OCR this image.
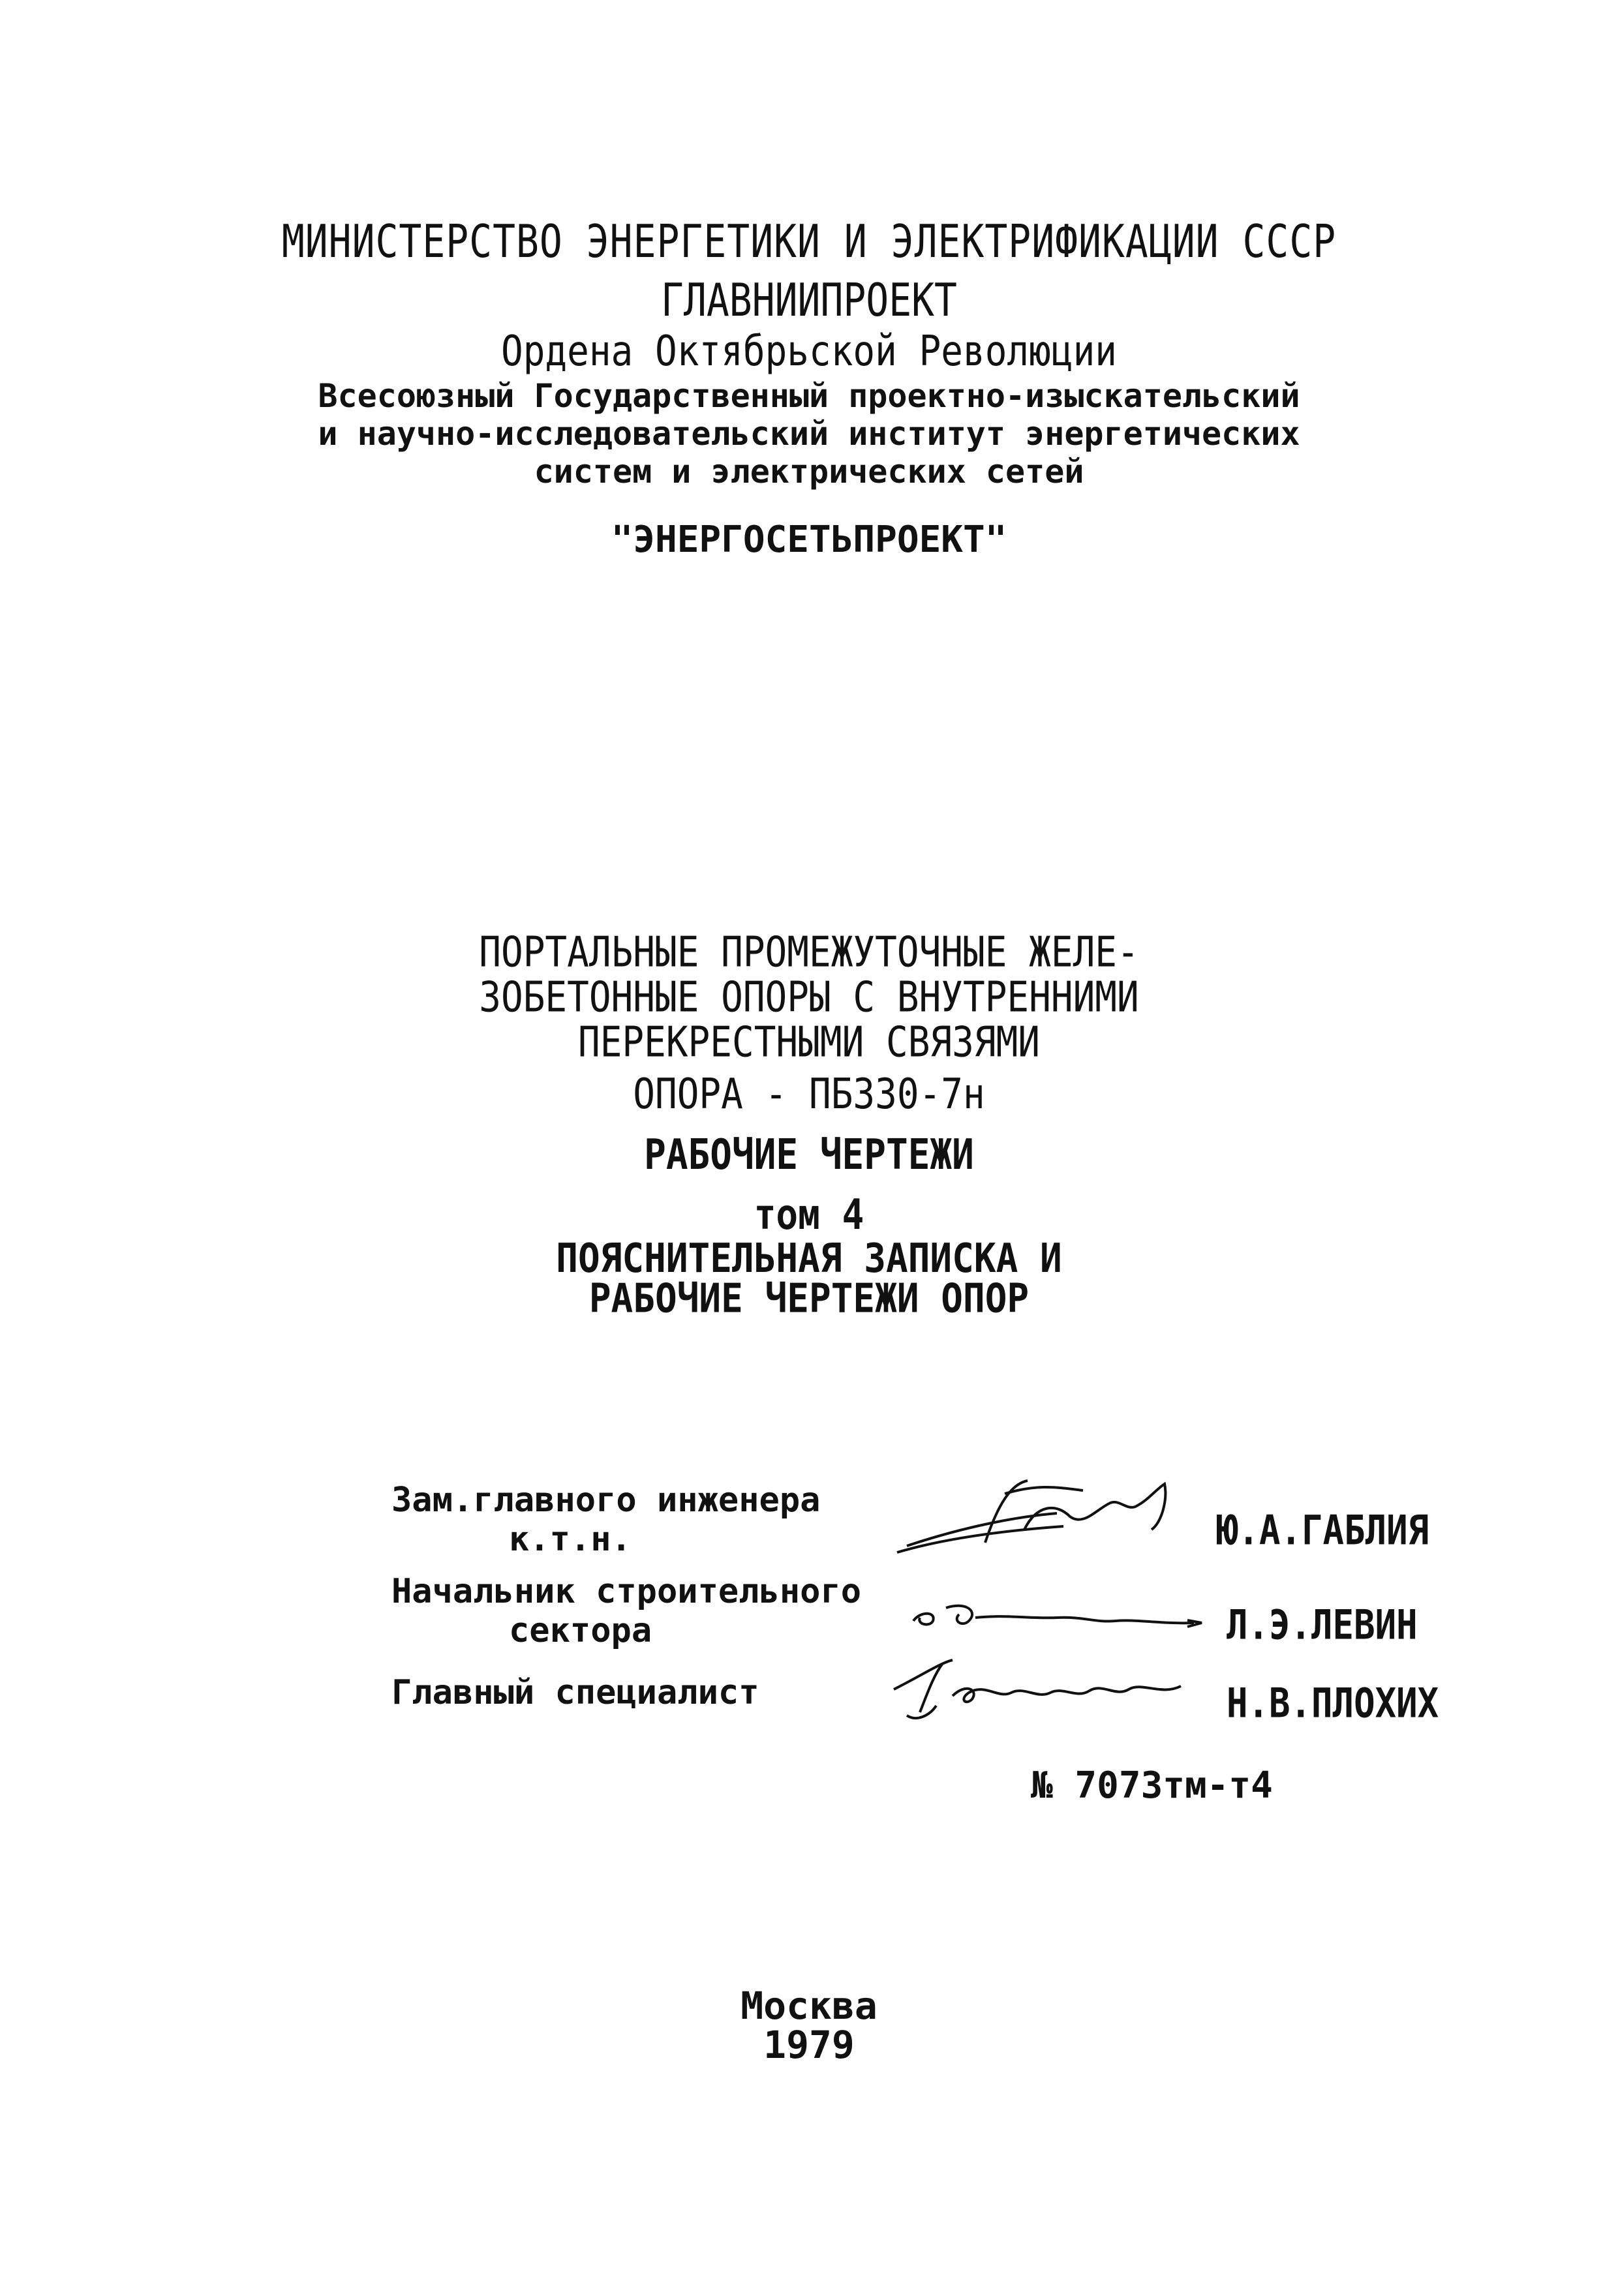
МИНИСТЕРСТВО ЭНЕРГЕТИКИ И ЭЛЕКТРИФИКАЦИИ СССР
ГЛАВНИИПРОЕКТ
Ордена Октябрьской Революции
Всесоюзный Государственный проектно-изыскательский
и научно-исследовательский институт энергетических
систем и электрических сетей
"ЭНЕРГОСЕТЬПРОЕКТ"
ПОРТАЛЬНЫЕ ПРОМЕЖУТОЧНЫЕ ЖЕЛЕ-
ЗОБЕТОННЫЕ ОПОРЫ С ВНУТРЕННИМИ
ПЕРЕКРЕСТНЫМИ СВЯЗЯМИ
ОПОРА - ПБ330-7н
РАБОЧИЕ ЧЕРТЕЖИ
том 4
ПОЯСНИТЕЛЬНАЯ ЗАПИСКА И
РАБОЧИЕ ЧЕРТЕЖИ ОПОР
Зам.главного инженера
к.т.н.	Ю.А.ГАБЛИЯ
Начальник строительного
сектора	Л.Э.ЛЕВИН
Главный специалист	Н.В.ПЛОХИХ
№ 7073тм-т4
Москва
1979
